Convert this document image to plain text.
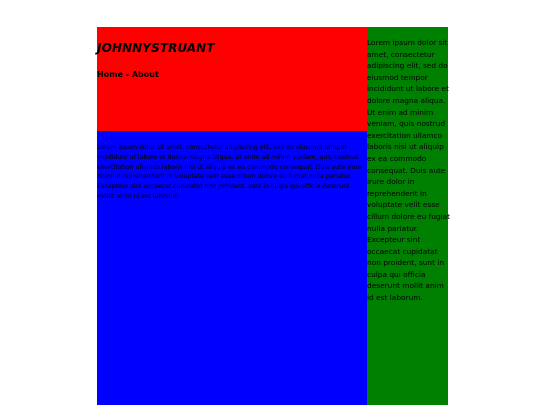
JOHNNYSTRUANT
Home - About

Lorem ipsum dolor sit amet, consectetur adipisicing elit, sed do eiusmod tempor incididunt ut labore et dolore magna aliqua. Ut enim ad minim veniam, quis nostrud exercitation ullamco laboris nisi ut aliquip ex ea commodo consequat. Duis aute irure dolor in reprehenderit in voluptate velit esse cillum dolore eu fugiat nulla pariatur. Excepteur sint occaecat cupidatat non proident, sunt in culpa qui officia deserunt mollit anim id est laborum.

Lorem ipsum dolor sit amet, consectetur adipiscing elit, sed do eiusmod tempor incididunt ut labore et dolore magna aliqua. Ut enim ad minim veniam, quis nostrud exercitation ullamco laboris nisi ut aliquip ex ea commodo consequat. Duis aute irure dolor in reprehenderit in voluptate velit esse cillum dolore eu fugiat nulla pariatur. Excepteur sint occaecat cupidatat non proident, sunt in culpa qui officia deserunt mollit anim id est laborum.
